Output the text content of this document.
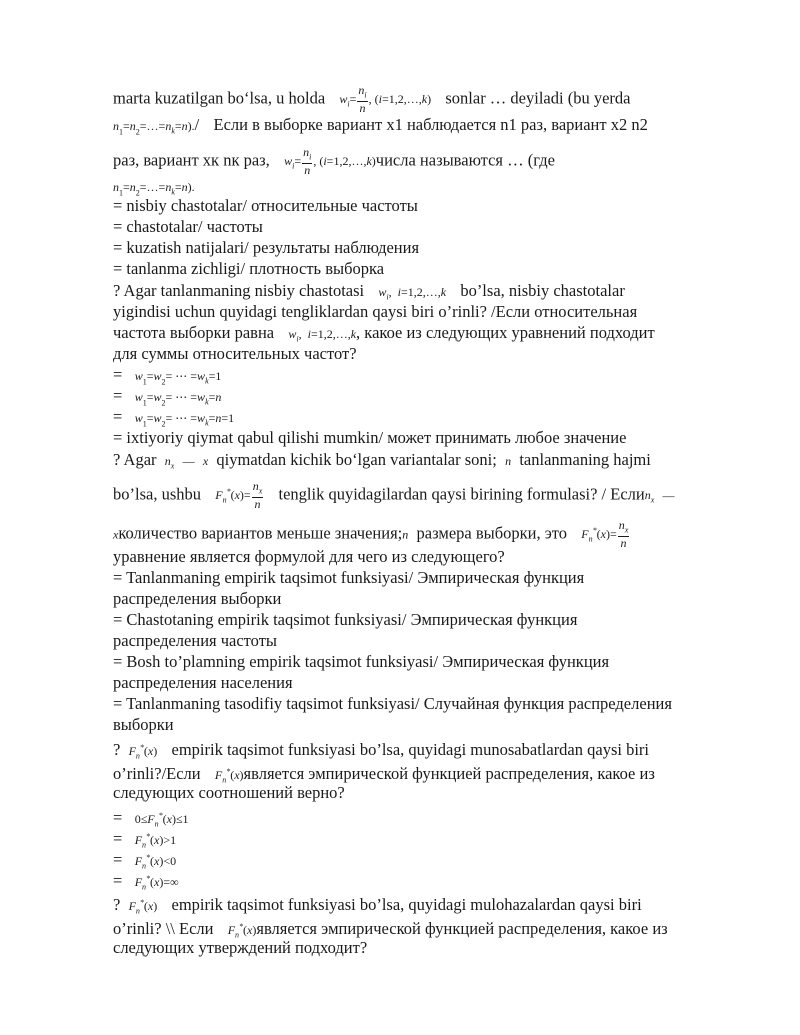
marta kuzatilgan bo‘lsa, u holda $w_i= \frac{n_i}{n}$ , (i=1,2,…,k) sonlar … deyiladi (bu yerda
$n_1=n_2=\dots=n_k=n)./$  Если в выборке вариант x1 наблюдается n1 раз, вариант x2 n2
раз, вариант xк nк раз, $w_i= \frac{n_i}{n}$ , (i=1,2,…,k)числа называются … (где
$n_1=n_2=\dots=n_k=n$).
= nisbiy chastotalar/ относительные частоты
= chastotalar/ частоты
= kuzatish natijalari/ результаты наблюдения
= tanlanma zichligi/ плотность выборка
? Agar tanlanmaning nisbiy chastotasi $w_i$,  i=1,2,…,k bo’lsa, nisbiy chastotalar
yigindisi uchun quyidagi tengliklardan qaysi biri o’rinli? /Если относительная
частота выборки равна $w_i$,  i=1,2,…,k, какое из следующих уравнений подходит
для суммы относительных частот?
=   $w_1=w_2=$ ⋯ $=w_k=1$
=   $w_1=w_2=$ ⋯ $=w_k=n$
=   $w_1=w_2=$ ⋯ $=w_k=n=1$
= ixtiyoriy qiymat qabul qilishi mumkin/ может принимать любое значение
? Agar $n_x$ — x qiymatdan kichik bo‘lgan variantalar soni; n tanlanmaning hajmi
bo’lsa, ushbu $F_n^*(x)= \frac{n_x}{n}$ tenglik quyidagilardan qaysi birining formulasi? / Еслиn$_x$ —
xколичество вариантов меньше значения;n размера выборки, это $F_n^*(x)= \frac{n_x}{n}$
уравнение является формулой для чего из следующего?
= Tanlanmaning empirik taqsimot funksiyasi/ Эмпирическая функция
распределения выборки
= Chastotaning empirik taqsimot funksiyasi/ Эмпирическая функция
распределения частоты
= Bosh to’plamning empirik taqsimot funksiyasi/ Эмпирическая функция
распределения населения
= Tanlanmaning tasodifiy taqsimot funksiyasi/ Случайная функция распределения
выборки
?  $F_n^*(x)$ empirik taqsimot funksiyasi bo’lsa, quyidagi munosabatlardan qaysi biri
o’rinli?/Если $F_n^*(x)является$ эмпирической функцией распределения, какое из
следующих соотношений верно?
=   $0\le F_n^*(x)\le 1$
=   $F_n^*(x)>1$
=   $F_n^*(x)<0$
=   $F_n^*(x)=\infty$
?  $F_n^*(x)$ empirik taqsimot funksiyasi bo’lsa, quyidagi mulohazalardan qaysi biri
o’rinli? \\ Если $F_n^*(x)является$ эмпирической функцией распределения, какое из
следующих утверждений подходит?
